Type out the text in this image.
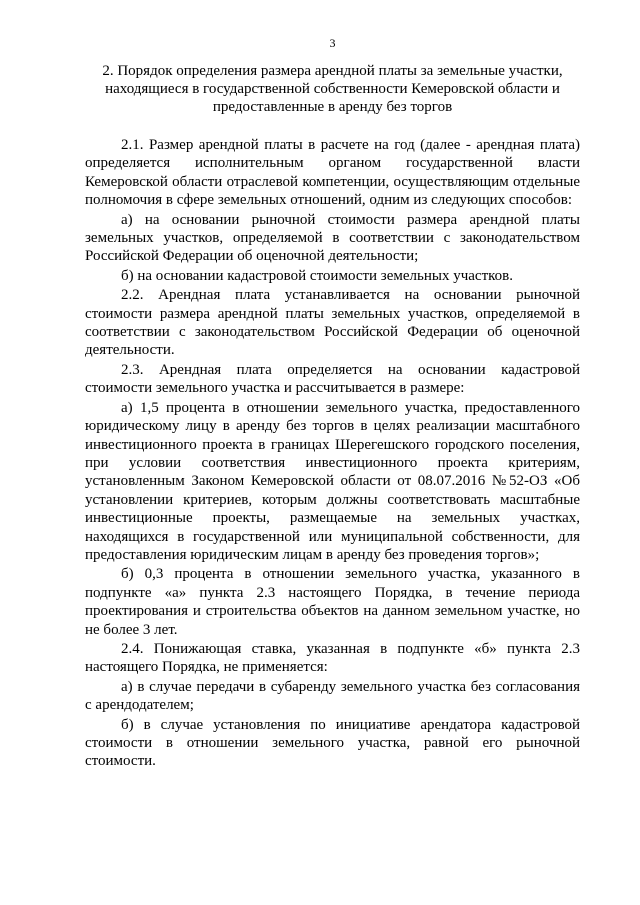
3
2. Порядок определения размера арендной платы за земельные участки, находящиеся в государственной собственности Кемеровской области и предоставленные в аренду без торгов

2.1. Размер арендной платы в расчете на год (далее - арендная плата) определяется исполнительным органом государственной власти Кемеровской области отраслевой компетенции, осуществляющим отдельные полномочия в сфере земельных отношений, одним из следующих способов:

а) на основании рыночной стоимости размера арендной платы земельных участков, определяемой в соответствии с законодательством Российской Федерации об оценочной деятельности;

б) на основании кадастровой стоимости земельных участков.

2.2. Арендная плата устанавливается на основании рыночной стоимости размера арендной платы земельных участков, определяемой в соответствии с законодательством Российской Федерации об оценочной деятельности.

2.3. Арендная плата определяется на основании кадастровой стоимости земельного участка и рассчитывается в размере:

а) 1,5 процента в отношении земельного участка, предоставленного юридическому лицу в аренду без торгов в целях реализации масштабного инвестиционного проекта в границах Шерегешского городского поселения, при условии соответствия инвестиционного проекта критериям, установленным Законом Кемеровской области от 08.07.2016 №52-ОЗ «Об установлении критериев, которым должны соответствовать масштабные инвестиционные проекты, размещаемые на земельных участках, находящихся в государственной или муниципальной собственности, для предоставления юридическим лицам в аренду без проведения торгов»;

б) 0,3 процента в отношении земельного участка, указанного в подпункте «а» пункта 2.3 настоящего Порядка, в течение периода проектирования и строительства объектов на данном земельном участке, но не более 3 лет.

2.4. Понижающая ставка, указанная в подпункте «б» пункта 2.3 настоящего Порядка, не применяется:

а) в случае передачи в субаренду земельного участка без согласования с арендодателем;

б) в случае установления по инициативе арендатора кадастровой стоимости в отношении земельного участка, равной его рыночной стоимости.
